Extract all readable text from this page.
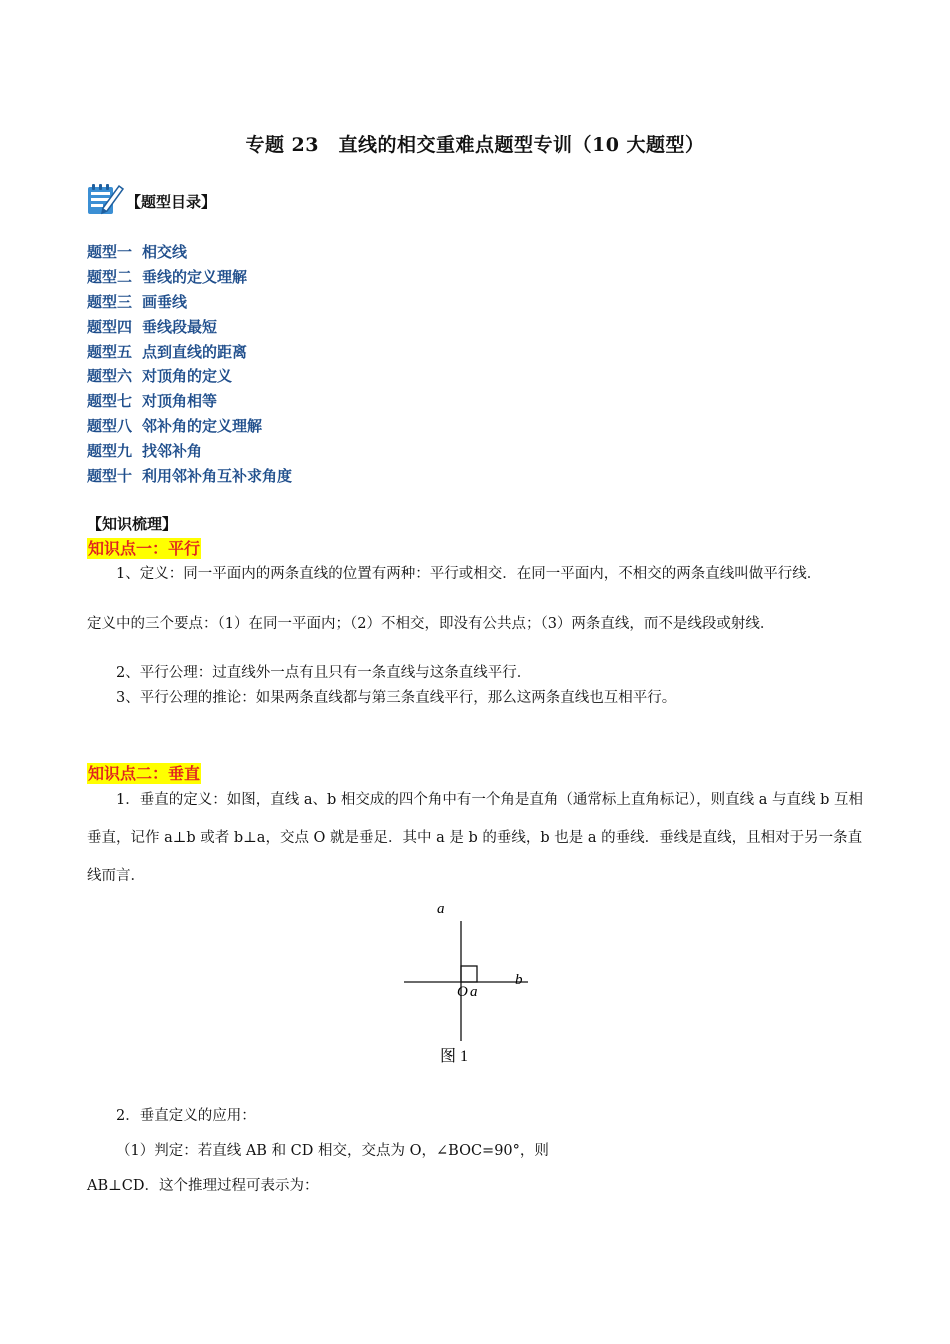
专题 23　直线的相交重难点题型专训（10 大题型）
【题型目录】
题型一 相交线
题型二 垂线的定义理解
题型三 画垂线
题型四 垂线段最短
题型五 点到直线的距离
题型六 对顶角的定义
题型七 对顶角相等
题型八 邻补角的定义理解
题型九 找邻补角
题型十 利用邻补角互补求角度
【知识梳理】
知识点一：平行

1、定义：同一平面内的两条直线的位置有两种：平行或相交．在同一平面内，不相交的两条直线叫做平行线．

定义中的三个要点：（1）在同一平面内；（2）不相交，即没有公共点；（3）两条直线，而不是线段或射线．

2、平行公理：过直线外一点有且只有一条直线与这条直线平行．

3、平行公理的推论：如果两条直线都与第三条直线平行，那么这两条直线也互相平行。

知识点二：垂直

1．垂直的定义：如图，直线 a、b 相交成的四个角中有一个角是直角（通常标上直角标记），则直线 a 与直线 b 互相垂直，记作 a⊥b 或者 b⊥a，交点 O 就是垂足．其中 a 是 b 的垂线，b 也是 a 的垂线．垂线是直线，且相对于另一条直线而言．

a
b
O a
图 1

2．垂直定义的应用：

（1）判定：若直线 AB 和 CD 相交，交点为 O，∠BOC=90°，则

AB⊥CD．这个推理过程可表示为：
